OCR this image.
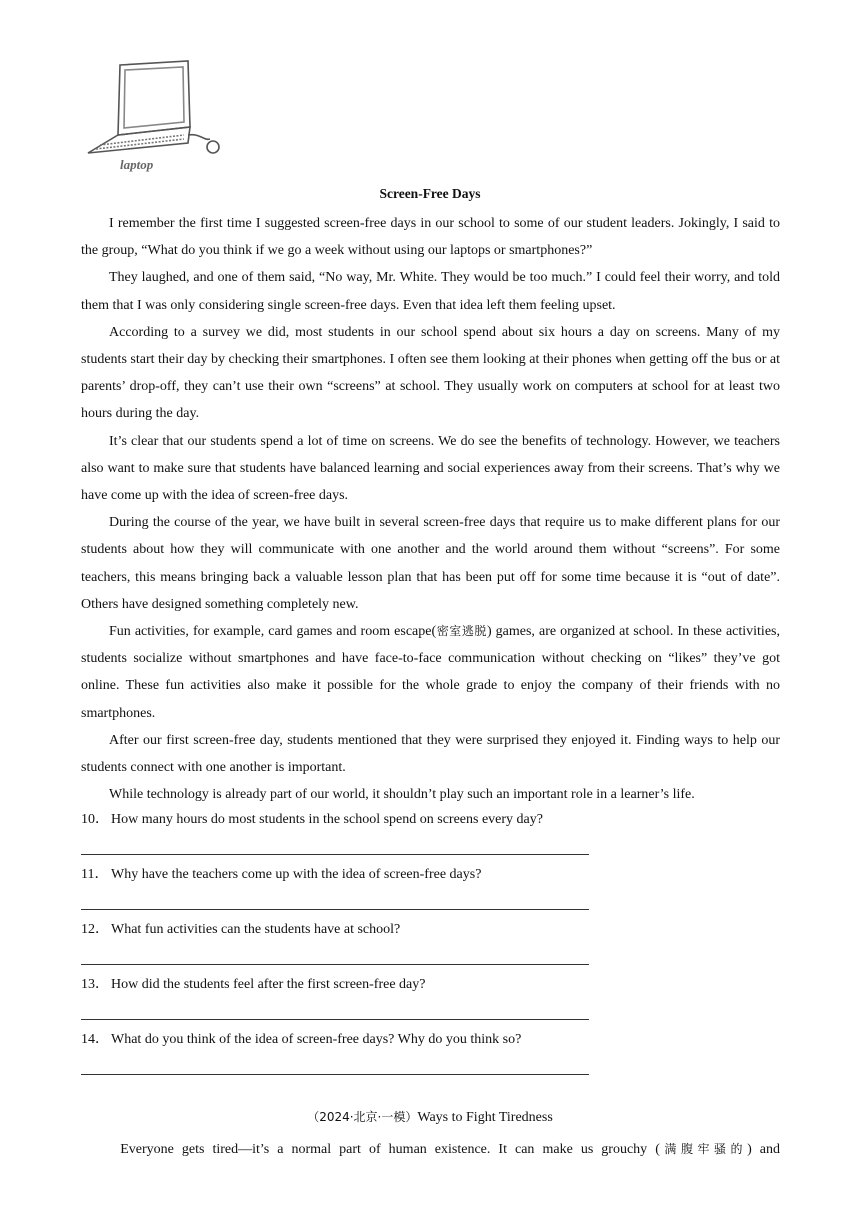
laptop
Screen-Free Days

I remember the first time I suggested screen-free days in our school to some of our student leaders. Jokingly, I said to the group, “What do you think if we go a week without using our laptops or smartphones?”

They laughed, and one of them said, “No way, Mr. White. They would be too much.” I could feel their worry, and told them that I was only considering single screen-free days. Even that idea left them feeling upset.

According to a survey we did, most students in our school spend about six hours a day on screens. Many of my students start their day by checking their smartphones. I often see them looking at their phones when getting off the bus or at parents’ drop-off, they can’t use their own “screens” at school. They usually work on computers at school for at least two hours during the day.

It’s clear that our students spend a lot of time on screens. We do see the benefits of technology. However, we teachers also want to make sure that students have balanced learning and social experiences away from their screens. That’s why we have come up with the idea of screen-free days.

During the course of the year, we have built in several screen-free days that require us to make different plans for our students about how they will communicate with one another and the world around them without “screens”. For some teachers, this means bringing back a valuable lesson plan that has been put off for some time because it is “out of date”. Others have designed something completely new.

Fun activities, for example, card games and room escape(密室逃脱) games, are organized at school. In these activities, students socialize without smartphones and have face-to-face communication without checking on “likes” they’ve got online. These fun activities also make it possible for the whole grade to enjoy the company of their friends with no smartphones.

After our first screen-free day, students mentioned that they were surprised they enjoyed it. Finding ways to help our students connect with one another is important.

While technology is already part of our world, it shouldn’t play such an important role in a learner’s life.

10． How many hours do most students in the school spend on screens every day?
11． Why have the teachers come up with the idea of screen-free days?
12． What fun activities can the students have at school?
13． How did the students feel after the first screen-free day?
14． What do you think of the idea of screen-free days? Why do you think so?
（2024·北京·一模）Ways to Fight Tiredness
Everyone gets tired—it’s a normal part of human existence. It can make us grouchy (满腹牢骚的) and
